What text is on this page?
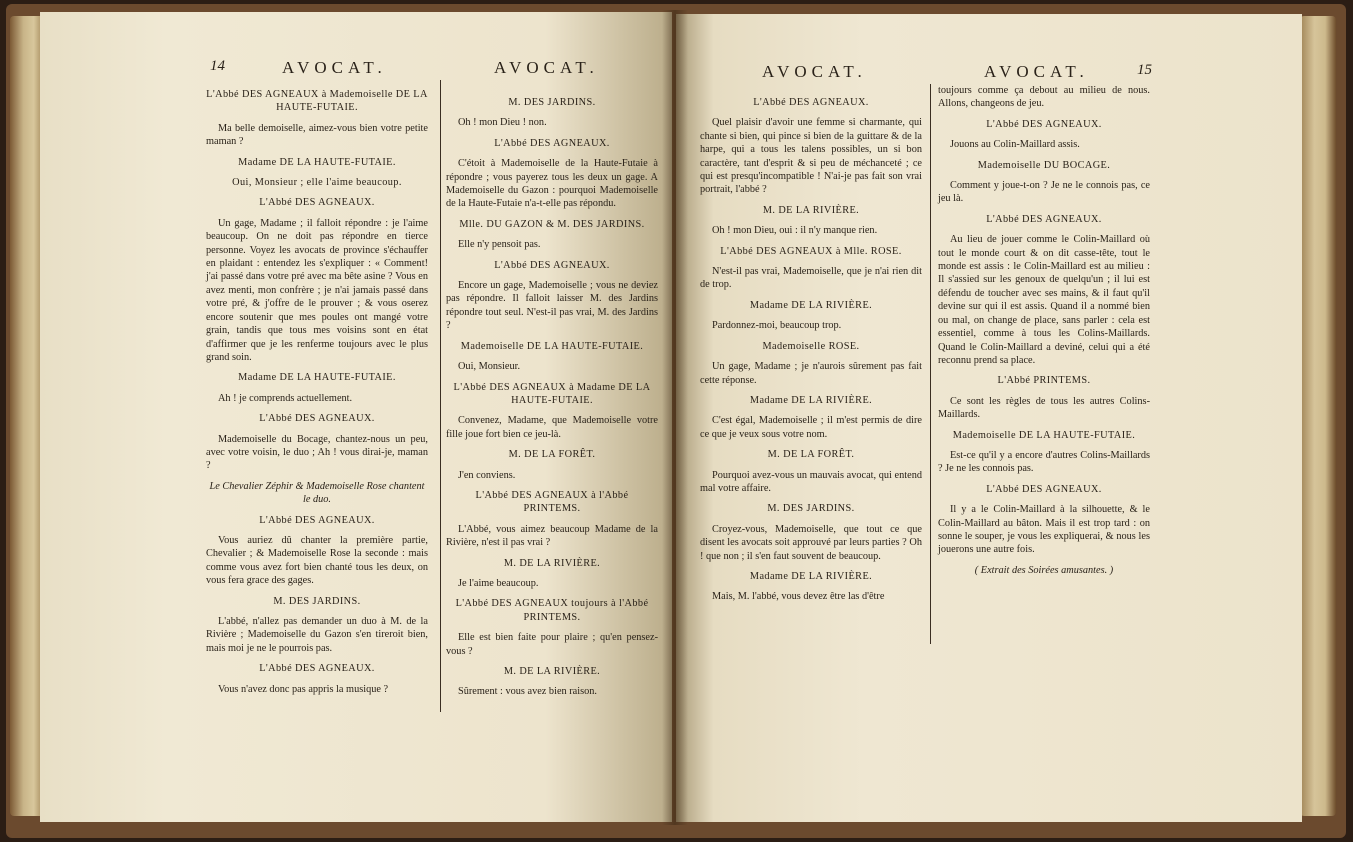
14	AVOCAT.	AVOCAT.

L'Abbé DES AGNEAUX à Mademoiselle DE LA HAUTE-FUTAIE.

Ma belle demoiselle, aimez-vous bien votre petite maman ?

Madame DE LA HAUTE-FUTAIE.

Oui, Monsieur ; elle l'aime beaucoup.

L'Abbé DES AGNEAUX.

Un gage, Madame ; il falloit répondre : je l'aime beaucoup. On ne doit pas répondre en tierce personne. Voyez les avocats de province s'échauffer en plaidant : entendez les s'expliquer : « Comment! j'ai passé dans votre pré avec ma bête asine ? Vous en avez menti, mon confrère ; je n'ai jamais passé dans votre pré, & j'offre de le prouver ; & vous oserez encore soutenir que mes poules ont mangé votre grain, tandis que tous mes voisins sont en état d'affirmer que je les renferme toujours avec le plus grand soin.

Madame DE LA HAUTE-FUTAIE.

Ah ! je comprends actuellement.

L'Abbé DES AGNEAUX.

Mademoiselle du Bocage, chantez-nous un peu, avec votre voisin, le duo ; Ah ! vous dirai-je, maman ?

Le Chevalier Zéphir & Mademoiselle Rose chantent le duo.

L'Abbé DES AGNEAUX.

Vous auriez dû chanter la première partie, Chevalier ; & Mademoiselle Rose la seconde : mais comme vous avez fort bien chanté tous les deux, on vous fera grace des gages.

M. DES JARDINS.

L'abbé, n'allez pas demander un duo à M. de la Rivière ; Mademoiselle du Gazon s'en tireroit bien, mais moi je ne le pourrois pas.

L'Abbé DES AGNEAUX.

Vous n'avez donc pas appris la musique ?

M. DES JARDINS.

Oh ! mon Dieu ! non.

L'Abbé DES AGNEAUX.

C'étoit à Mademoiselle de la Haute-Futaie à répondre ; vous payerez tous les deux un gage. A Mademoiselle du Gazon : pourquoi Mademoiselle de la Haute-Futaie n'a-t-elle pas répondu.

Mlle. DU GAZON & M. DES JARDINS.

Elle n'y pensoit pas.

L'Abbé DES AGNEAUX.

Encore un gage, Mademoiselle ; vous ne deviez pas répondre. Il falloit laisser M. des Jardins répondre tout seul. N'est-il pas vrai, M. des Jardins ?

Mademoiselle DE LA HAUTE-FUTAIE.

Oui, Monsieur.

L'Abbé DES AGNEAUX à Madame DE LA HAUTE-FUTAIE.

Convenez, Madame, que Mademoiselle votre fille joue fort bien ce jeu-là.

M. DE LA FORÊT.

J'en conviens.

L'Abbé DES AGNEAUX à l'Abbé PRINTEMS.

L'Abbé, vous aimez beaucoup Madame de la Rivière, n'est il pas vrai ?

M. DE LA RIVIÈRE.

Je l'aime beaucoup.

L'Abbé DES AGNEAUX toujours à l'Abbé PRINTEMS.

Elle est bien faite pour plaire ; qu'en pensez-vous ?

M. DE LA RIVIÈRE.

Sûrement : vous avez bien raison.

AVOCAT.	AVOCAT.	15

L'Abbé DES AGNEAUX.

Quel plaisir d'avoir une femme si charmante, qui chante si bien, qui pince si bien de la guittare & de la harpe, qui a tous les talens possibles, un si bon caractère, tant d'esprit & si peu de méchanceté ; ce qui est presqu'incompatible ! N'ai-je pas fait son vrai portrait, l'abbé ?

M. DE LA RIVIÈRE.

Oh ! mon Dieu, oui : il n'y manque rien.

L'Abbé DES AGNEAUX à Mlle. ROSE.

N'est-il pas vrai, Mademoiselle, que je n'ai rien dit de trop.

Madame DE LA RIVIÈRE.

Pardonnez-moi, beaucoup trop.

Mademoiselle ROSE.

Un gage, Madame ; je n'aurois sûrement pas fait cette réponse.

Madame DE LA RIVIÈRE.

C'est égal, Mademoiselle ; il m'est permis de dire ce que je veux sous votre nom.

M. DE LA FORÊT.

Pourquoi avez-vous un mauvais avocat, qui entend mal votre affaire.

M. DES JARDINS.

Croyez-vous, Mademoiselle, que tout ce que disent les avocats soit approuvé par leurs parties ? Oh ! que non ; il s'en faut souvent de beaucoup.

Madame DE LA RIVIÈRE.

Mais, M. l'abbé, vous devez être las d'être

toujours comme ça debout au milieu de nous. Allons, changeons de jeu.

L'Abbé DES AGNEAUX.

Jouons au Colin-Maillard assis.

Mademoiselle DU BOCAGE.

Comment y joue-t-on ? Je ne le connois pas, ce jeu là.

L'Abbé DES AGNEAUX.

Au lieu de jouer comme le Colin-Maillard où tout le monde court & on dit casse-tête, tout le monde est assis : le Colin-Maillard est au milieu : Il s'assied sur les genoux de quelqu'un ; il lui est défendu de toucher avec ses mains, & il faut qu'il devine sur qui il est assis. Quand il a nommé bien ou mal, on change de place, sans parler : cela est essentiel, comme à tous les Colins-Maillards. Quand le Colin-Maillard a deviné, celui qui a été reconnu prend sa place.

L'Abbé PRINTEMS.

Ce sont les règles de tous les autres Colins-Maillards.

Mademoiselle DE LA HAUTE-FUTAIE.

Est-ce qu'il y a encore d'autres Colins-Maillards ? Je ne les connois pas.

L'Abbé DES AGNEAUX.

Il y a le Colin-Maillard à la silhouette, & le Colin-Maillard au bâton. Mais il est trop tard : on sonne le souper, je vous les expliquerai, & nous les jouerons une autre fois.

( Extrait des Soirées amusantes. )
